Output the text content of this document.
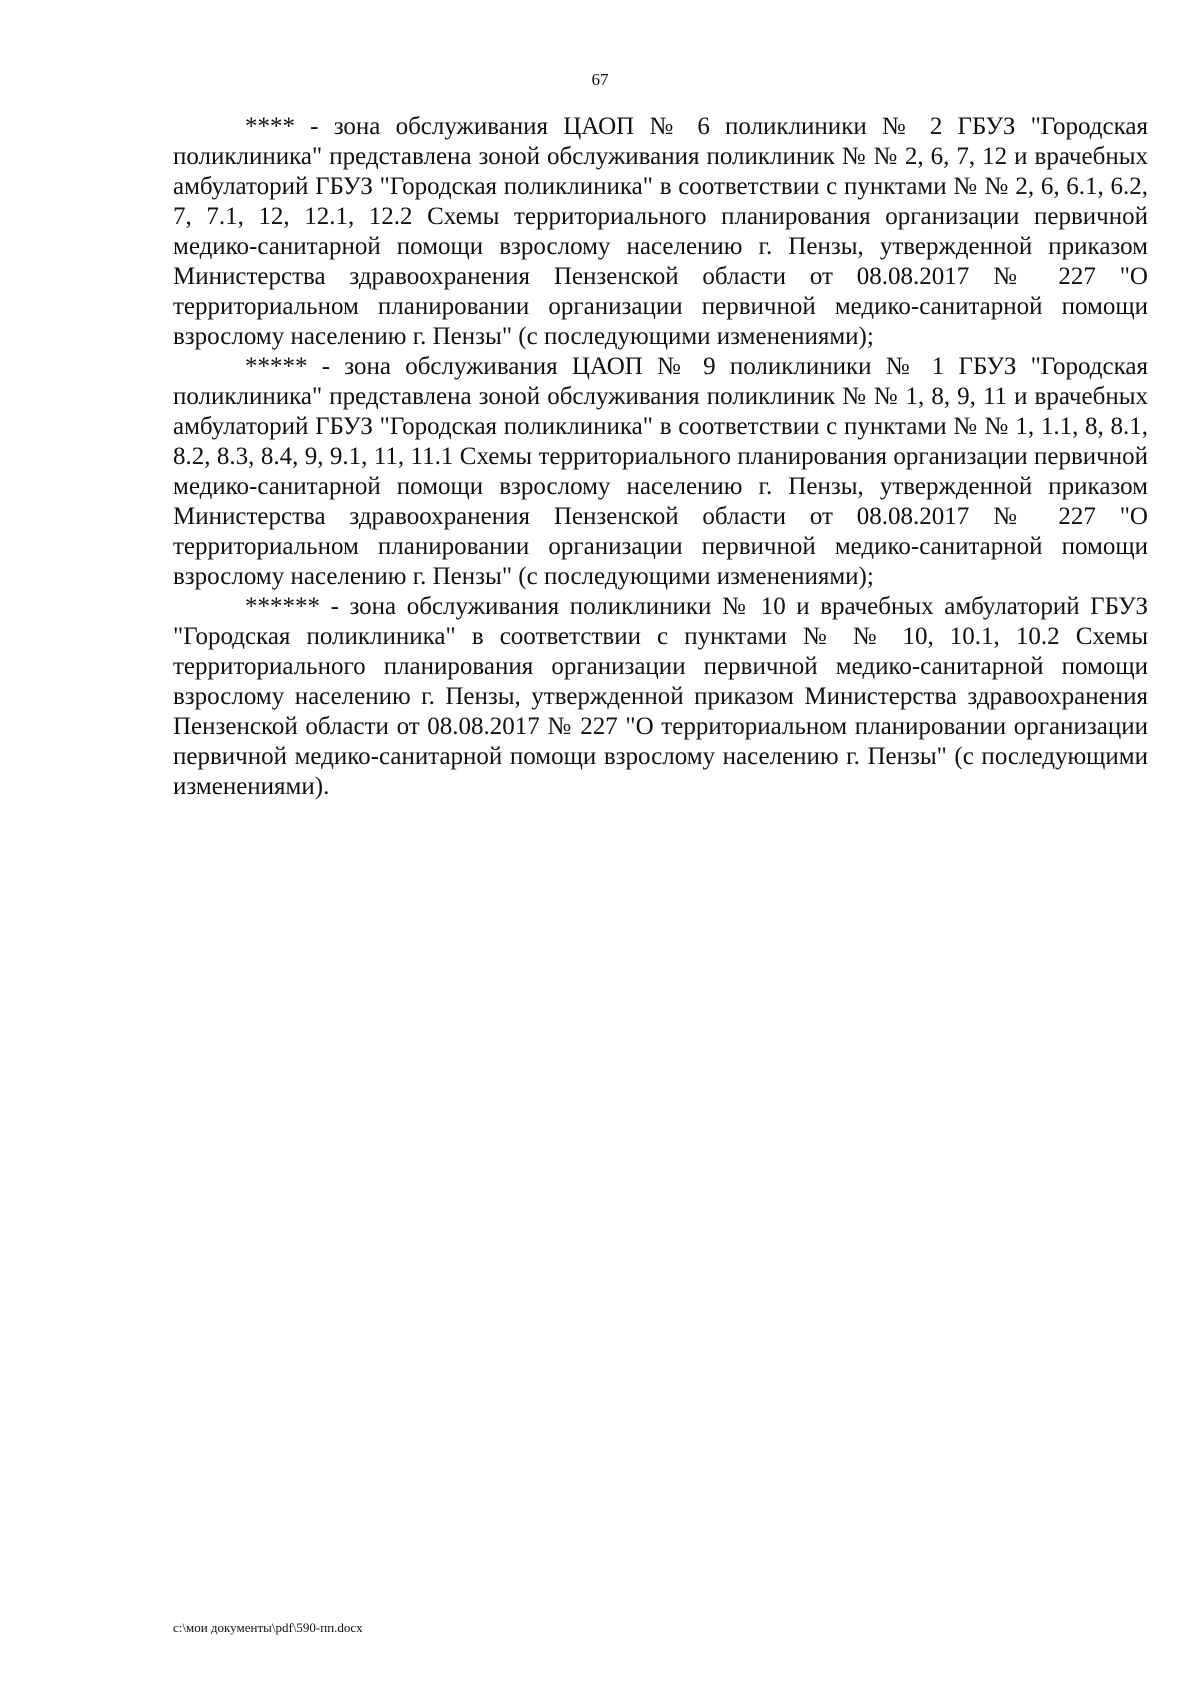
67

**** - зона обслуживания ЦАОП № 6 поликлиники № 2 ГБУЗ "Городская поликлиника" представлена зоной обслуживания поликлиник № № 2, 6, 7, 12 и врачебных амбулаторий ГБУЗ "Городская поликлиника" в соответствии с пунктами № № 2, 6, 6.1, 6.2, 7, 7.1, 12, 12.1, 12.2 Схемы территориального планирования организации первичной медико-санитарной помощи взрослому населению г. Пензы, утвержденной приказом Министерства здравоохранения Пензенской области от 08.08.2017 № 227 "О территориальном планировании организации первичной медико-санитарной помощи взрослому населению г. Пензы" (с последующими изменениями);

***** - зона обслуживания ЦАОП № 9 поликлиники № 1 ГБУЗ "Городская поликлиника" представлена зоной обслуживания поликлиник № № 1, 8, 9, 11 и врачебных амбулаторий ГБУЗ "Городская поликлиника" в соответствии с пунктами № № 1, 1.1, 8, 8.1, 8.2, 8.3, 8.4, 9, 9.1, 11, 11.1 Схемы территориального планирования организации первичной медико-санитарной помощи взрослому населению г. Пензы, утвержденной приказом Министерства здравоохранения Пензенской области от 08.08.2017 № 227 "О территориальном планировании организации первичной медико-санитарной помощи взрослому населению г. Пензы" (с последующими изменениями);

****** - зона обслуживания поликлиники № 10 и врачебных амбулаторий ГБУЗ "Городская поликлиника" в соответствии с пунктами № № 10, 10.1, 10.2 Схемы территориального планирования организации первичной медико-санитарной помощи взрослому населению г. Пензы, утвержденной приказом Министерства здравоохранения Пензенской области от 08.08.2017 № 227 "О территориальном планировании организации первичной медико-санитарной помощи взрослому населению г. Пензы" (с последующими изменениями).

c:\мои документы\pdf\590-пп.docx
